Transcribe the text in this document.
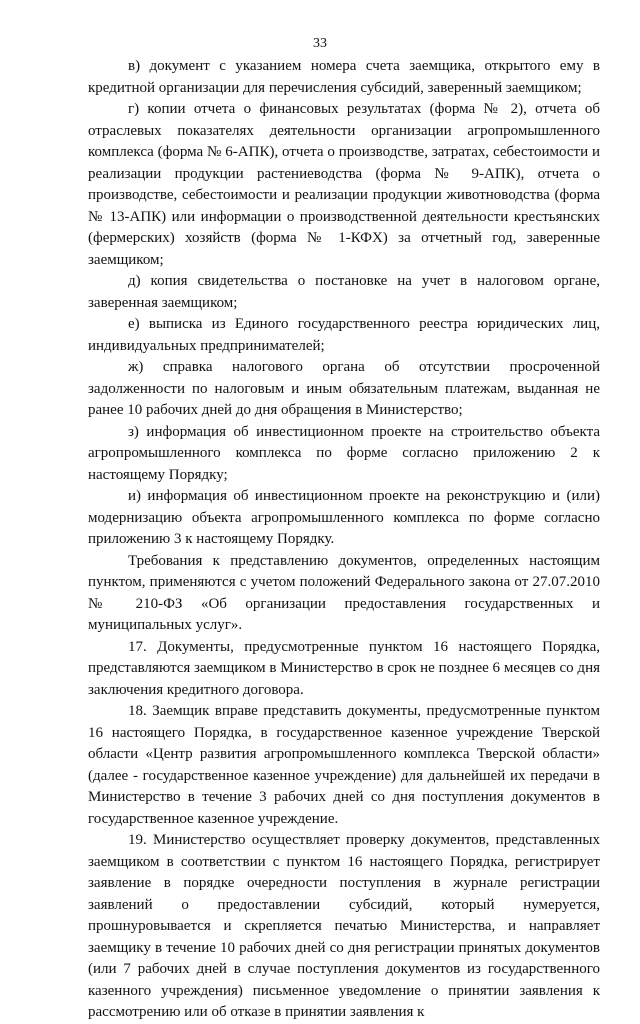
33

в) документ с указанием номера счета заемщика, открытого ему в кредитной организации для перечисления субсидий, заверенный заемщиком;

г) копии отчета о финансовых результатах (форма № 2), отчета об отраслевых показателях деятельности организации агропромышленного комплекса (форма № 6-АПК), отчета о производстве, затратах, себестоимости и реализации продукции растениеводства (форма № 9-АПК), отчета о производстве, себестоимости и реализации продукции животноводства (форма № 13-АПК) или информации о производственной деятельности крестьянских (фермерских) хозяйств (форма № 1-КФХ) за отчетный год, заверенные заемщиком;

д) копия свидетельства о постановке на учет в налоговом органе, заверенная заемщиком;

е) выписка из Единого государственного реестра юридических лиц, индивидуальных предпринимателей;

ж) справка налогового органа об отсутствии просроченной задолженности по налоговым и иным обязательным платежам, выданная не ранее 10 рабочих дней до дня обращения в Министерство;

з) информация об инвестиционном проекте на строительство объекта агропромышленного комплекса по форме согласно приложению 2 к настоящему Порядку;

и) информация об инвестиционном проекте на реконструкцию и (или) модернизацию объекта агропромышленного комплекса по форме согласно приложению 3 к настоящему Порядку.

Требования к представлению документов, определенных настоящим пунктом, применяются с учетом положений Федерального закона от 27.07.2010 № 210-ФЗ «Об организации предоставления государственных и муниципальных услуг».

17. Документы, предусмотренные пунктом 16 настоящего Порядка, представляются заемщиком в Министерство в срок не позднее 6 месяцев со дня заключения кредитного договора.

18. Заемщик вправе представить документы, предусмотренные пунктом 16 настоящего Порядка, в государственное казенное учреждение Тверской области «Центр развития агропромышленного комплекса Тверской области» (далее - государственное казенное учреждение) для дальнейшей их передачи в Министерство в течение 3 рабочих дней со дня поступления документов в государственное казенное учреждение.

19. Министерство осуществляет проверку документов, представленных заемщиком в соответствии с пунктом 16 настоящего Порядка, регистрирует заявление в порядке очередности поступления в журнале регистрации заявлений о предоставлении субсидий, который нумеруется, прошнуровывается и скрепляется печатью Министерства, и направляет заемщику в течение 10 рабочих дней со дня регистрации принятых документов (или 7 рабочих дней в случае поступления документов из государственного казенного учреждения) письменное уведомление о принятии заявления к рассмотрению или об отказе в принятии заявления к
